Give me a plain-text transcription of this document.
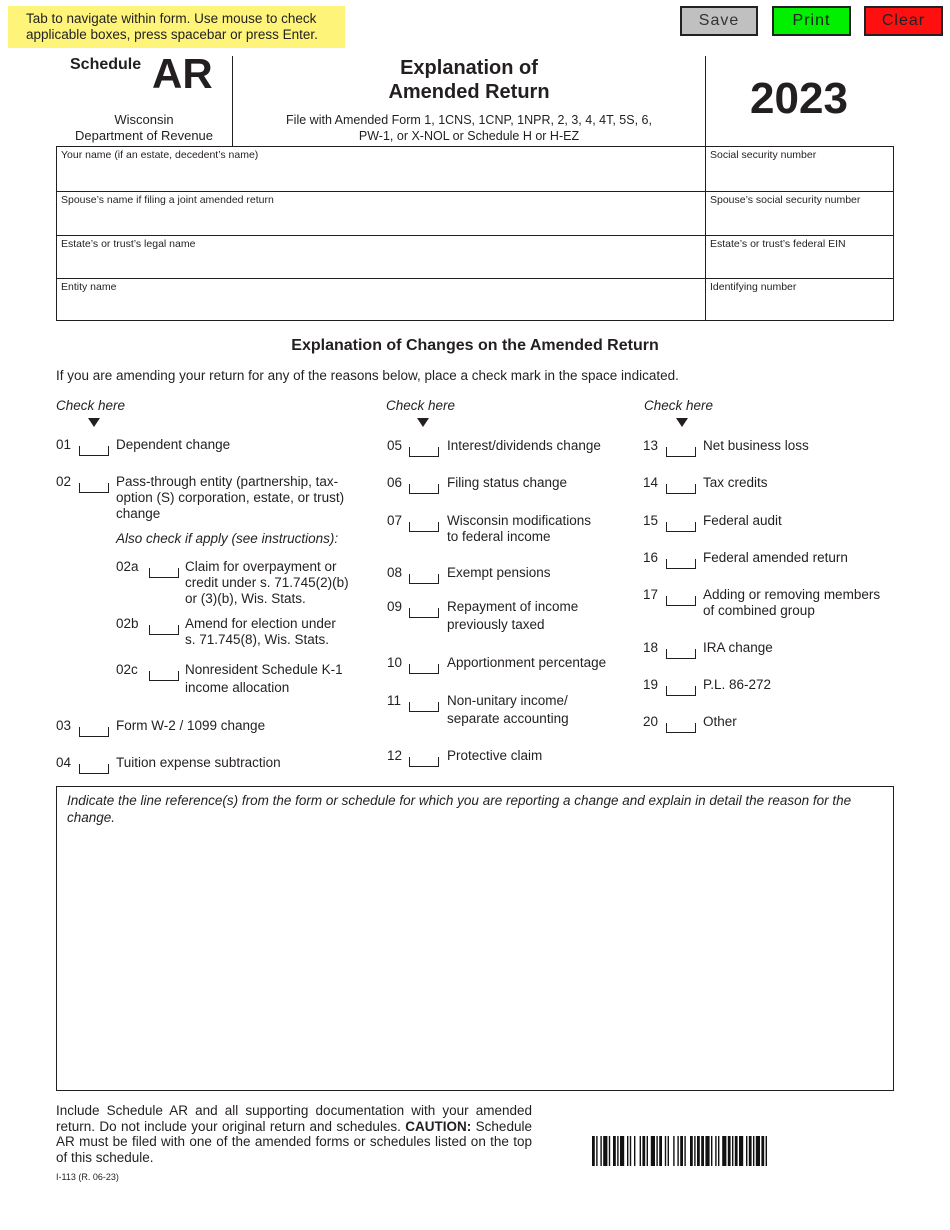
Tab to navigate within form. Use mouse to check applicable boxes, press spacebar or press Enter.
Save	Print	Clear
Schedule AR
Wisconsin
Department of Revenue
Explanation of
Amended Return
File with Amended Form 1, 1CNS, 1CNP, 1NPR, 2, 3, 4, 4T, 5S, 6,
PW-1, or X-NOL or Schedule H or H-EZ
2023
Your name (if an estate, decedent’s name)	Social security number
Spouse’s name if filing a joint amended return	Spouse’s social security number
Estate’s or trust’s legal name	Estate’s or trust’s federal EIN
Entity name	Identifying number
Explanation of Changes on the Amended Return
If you are amending your return for any of the reasons below, place a check mark in the space indicated.
Check here	Check here	Check here
01	Dependent change
02	Pass-through entity (partnership, tax-
option (S) corporation, estate, or trust)
change
Also check if apply (see instructions):
02a	Claim for overpayment or
credit under s. 71.745(2)(b)
or (3)(b), Wis. Stats.
02b	Amend for election under
s. 71.745(8), Wis. Stats.
02c	Nonresident Schedule K-1
income allocation
03	Form W-2 / 1099 change
04	Tuition expense subtraction
05	Interest/dividends change
06	Filing status change
07	Wisconsin modifications
to federal income
08	Exempt pensions
09	Repayment of income
previously taxed
10	Apportionment percentage
11	Non-unitary income/
separate accounting
12	Protective claim
13	Net business loss
14	Tax credits
15	Federal audit
16	Federal amended return
17	Adding or removing members
of combined group
18	IRA change
19	P.L. 86-272
20	Other
Indicate the line reference(s) from the form or schedule for which you are reporting a change and explain in detail the reason for the change.
Include Schedule AR and all supporting documentation with your amended return. Do not include your original return and schedules. CAUTION: Schedule AR must be filed with one of the amended forms or schedules listed on the top of this schedule.
I-113 (R. 06-23)
